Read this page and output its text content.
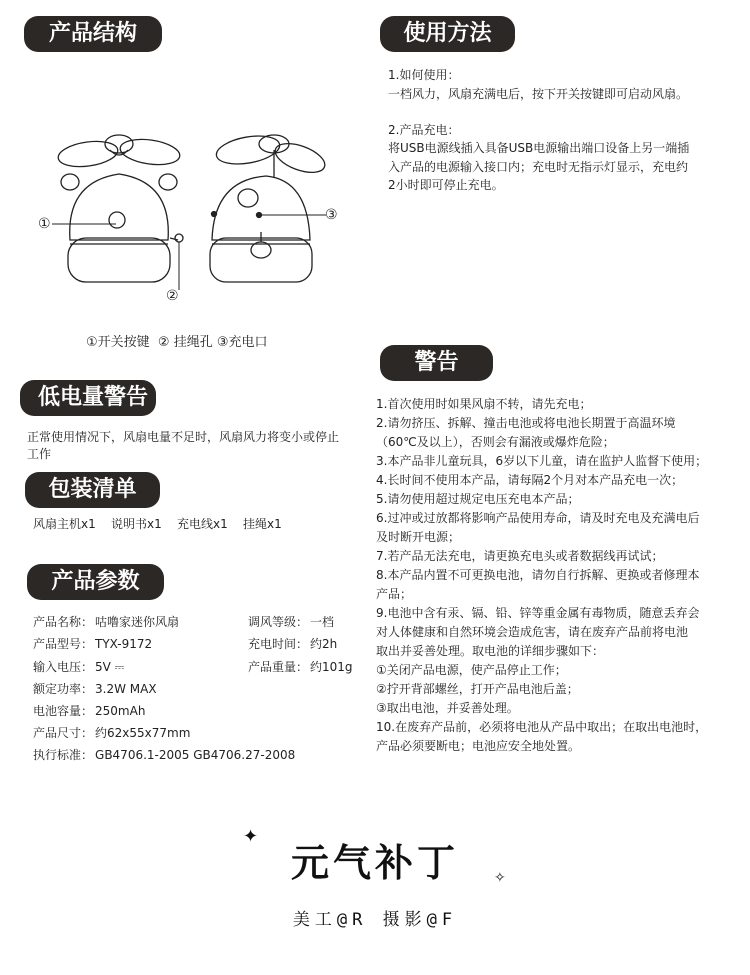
产品结构	使用方法
低电量警告
包装清单
产品参数
警告
①
②
③
①开关按键  ② 挂绳孔 ③充电口
1.如何使用：
一档风力，风扇充满电后，按下开关按键即可启动风扇。
2.产品充电：
将USB电源线插入具备USB电源输出端口设备上另一端插
入产品的电源输入接口内；充电时无指示灯显示，充电约
2小时即可停止充电。
正常使用情况下，风扇电量不足时，风扇风力将变小或停止
工作
风扇主机x1    说明书x1    充电线x1    挂绳x1
产品名称： 咕噜家迷你风扇
产品型号： TYX-9172
输入电压： 5V ⎓
额定功率： 3.2W MAX
电池容量： 250mAh
产品尺寸： 约62x55x77mm
执行标准： GB4706.1-2005 GB4706.27-2008
调风等级： 一档
充电时间： 约2h
产品重量： 约101g
1.首次使用时如果风扇不转，请先充电；
2.请勿挤压、拆解、撞击电池或将电池长期置于高温环境
（60℃及以上），否则会有漏液或爆炸危险；
3.本产品非儿童玩具，6岁以下儿童，请在监护人监督下使用；
4.长时间不使用本产品，请每隔2个月对本产品充电一次；
5.请勿使用超过规定电压充电本产品；
6.过冲或过放都将影响产品使用寿命，请及时充电及充满电后
及时断开电源；
7.若产品无法充电，请更换充电头或者数据线再试试；
8.本产品内置不可更换电池，请勿自行拆解、更换或者修理本
产品；
9.电池中含有汞、镉、铅、锌等重金属有毒物质，随意丢弃会
对人体健康和自然环境会造成危害，请在废弃产品前将电池
取出并妥善处理。取电池的详细步骤如下：
①关闭产品电源，使产品停止工作；
②拧开背部螺丝，打开产品电池后盖；
③取出电池，并妥善处理。
10.在废弃产品前，必须将电池从产品中取出；在取出电池时，
产品必须要断电；电池应安全地处置。
✦
✧
元气补丁
美工@R 摄影@F
